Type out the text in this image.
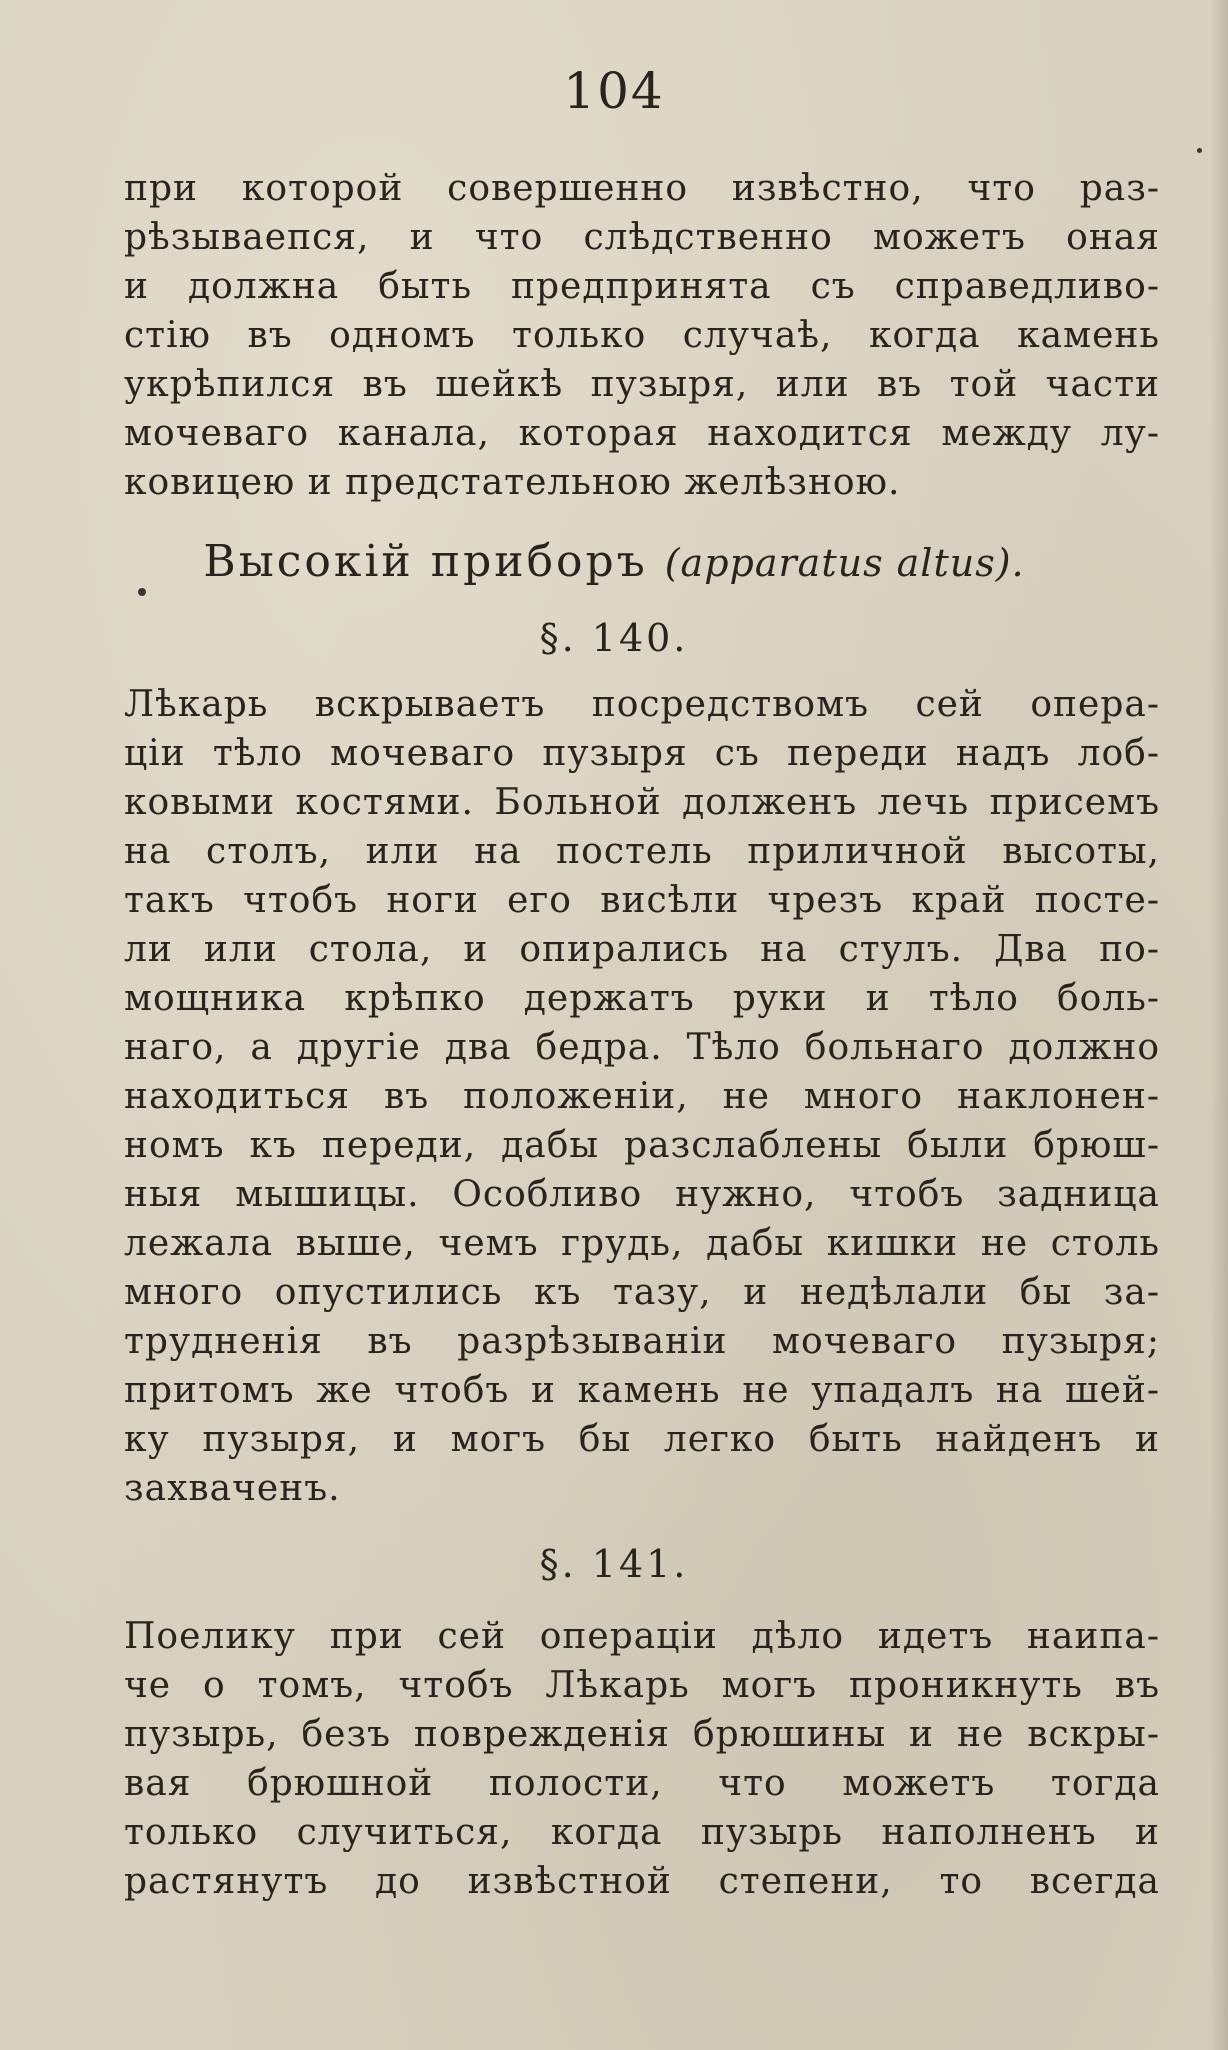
104
при которой совершенно извѣстно, что раз-
рѣзываепся, и что слѣдственно можетъ оная
и должна быть предпринята съ справедливо-
стію въ одномъ только случаѣ, когда камень
укрѣпился въ шейкѣ пузыря, или въ той части
мочеваго канала, которая находится между лу-
ковицею и предстательною желѣзною.
Высокій приборъ (apparatus altus).
§. 140.
Лѣкарь вскрываетъ посредствомъ сей опера-
ціи тѣло мочеваго пузыря съ переди надъ лоб-
ковыми костями. Больной долженъ лечь присемъ
на столъ, или на постель приличной высоты,
такъ чтобъ ноги его висѣли чрезъ край посте-
ли или стола, и опирались на стулъ. Два по-
мощника крѣпко держатъ руки и тѣло боль-
наго, а другіе два бедра. Тѣло больнаго должно
находиться въ положеніи, не много наклонен-
номъ къ переди, дабы разслаблены были брюш-
ныя мышицы. Особливо нужно, чтобъ задница
лежала выше, чемъ грудь, дабы кишки не столь
много опустились къ тазу, и недѣлали бы за-
трудненія въ разрѣзываніи мочеваго пузыря;
притомъ же чтобъ и камень не упадалъ на шей-
ку пузыря, и могъ бы легко быть найденъ и
захваченъ.
§. 141.
Поелику при сей операціи дѣло идетъ наипа-
че о томъ, чтобъ Лѣкарь могъ проникнуть въ
пузырь, безъ поврежденія брюшины и не вскры-
вая брюшной полости, что можетъ тогда
только случиться, когда пузырь наполненъ и
растянутъ до извѣстной степени, то всегда
